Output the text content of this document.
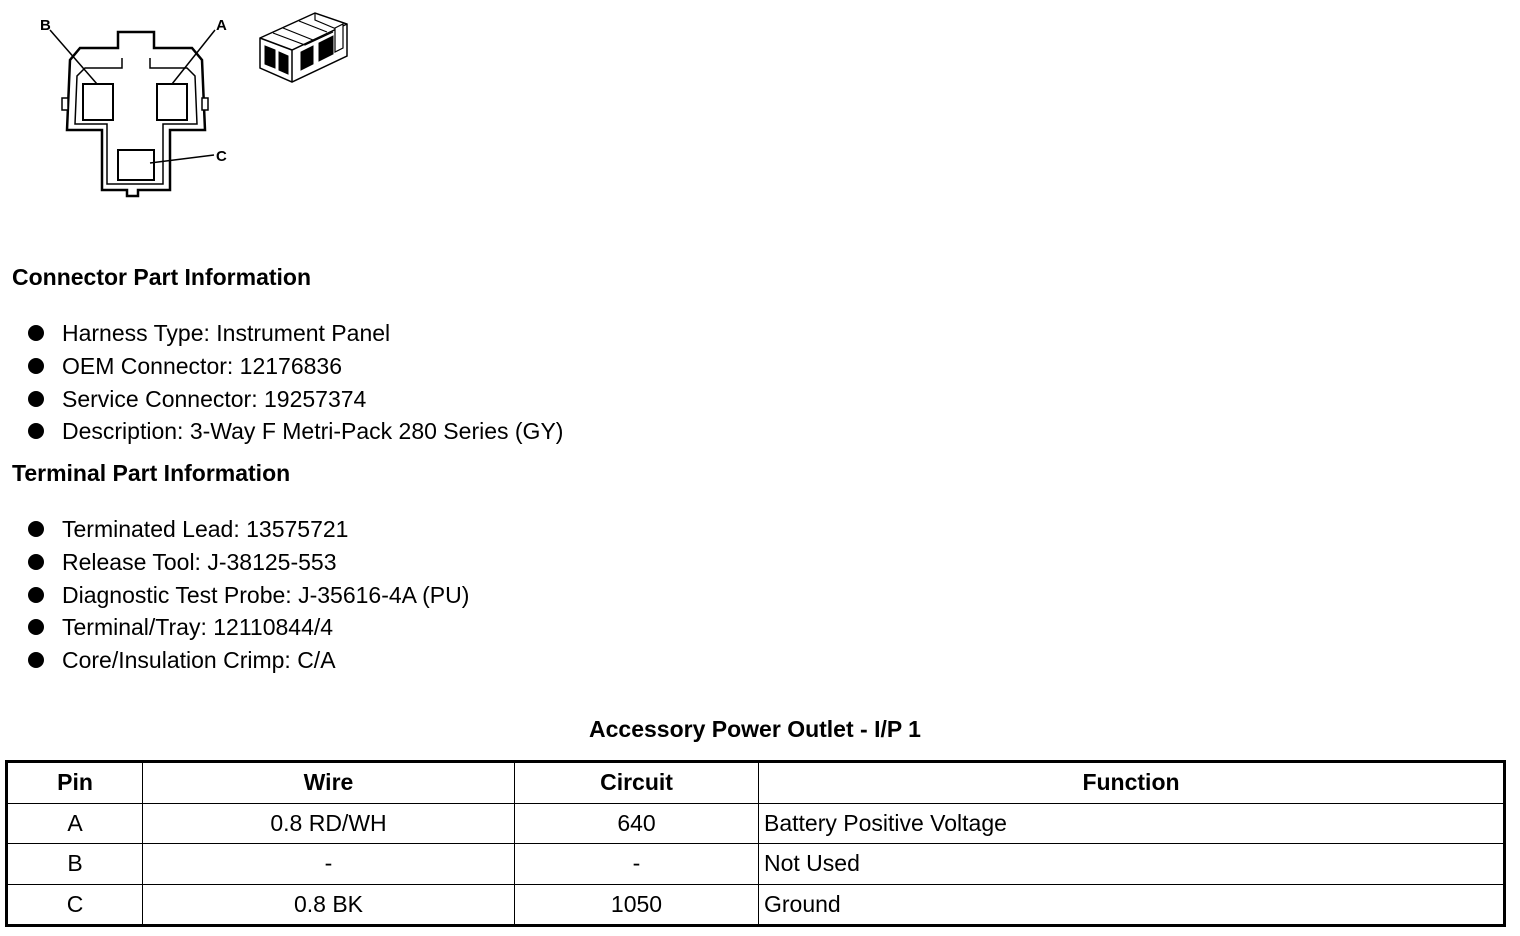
B	A
C
Connector Part Information
Harness Type: Instrument Panel
OEM Connector: 12176836
Service Connector: 19257374
Description: 3-Way F Metri-Pack 280 Series (GY)
Terminal Part Information
Terminated Lead: 13575721
Release Tool: J-38125-553
Diagnostic Test Probe: J-35616-4A (PU)
Terminal/Tray: 12110844/4
Core/Insulation Crimp: C/A
Accessory Power Outlet - I/P 1
Pin	Wire	Circuit	Function
A	0.8 RD/WH	640	Battery Positive Voltage
B	-	-	Not Used
C	0.8 BK	1050	Ground
